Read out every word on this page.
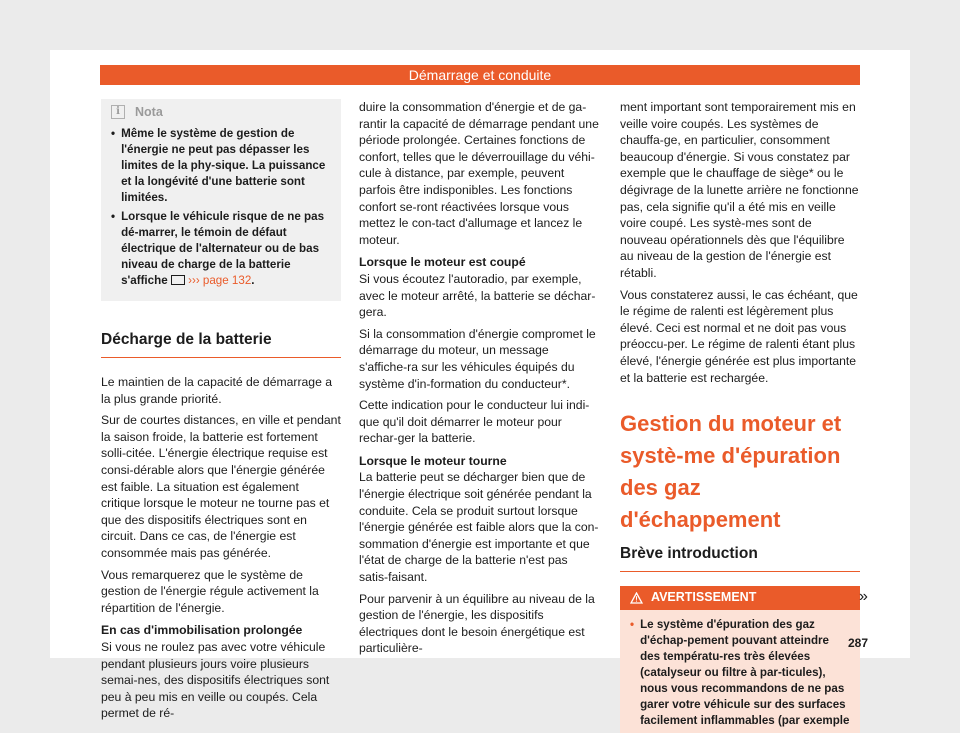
Démarrage et conduite
i	Nota
• Même le système de gestion de l'énergie ne peut pas dépasser les limites de la phy-sique. La puissance et la longévité d'une batterie sont limitées.
• Lorsque le véhicule risque de ne pas dé-marrer, le témoin de défaut électrique de l'alternateur ou de bas niveau de charge de la batterie s'affiche ››› page 132.
Décharge de la batterie

Le maintien de la capacité de démarrage a la plus grande priorité.

Sur de courtes distances, en ville et pendant la saison froide, la batterie est fortement solli-citée. L'énergie électrique requise est consi-dérable alors que l'énergie générée est faible. La situation est également critique lorsque le moteur ne tourne pas et que des dispositifs électriques sont en circuit. Dans ce cas, de l'énergie est consommée mais pas générée.

Vous remarquerez que le système de gestion de l'énergie régule activement la répartition de l'énergie.

En cas d'immobilisation prolongée

Si vous ne roulez pas avec votre véhicule pendant plusieurs jours voire plusieurs semai-nes, des dispositifs électriques sont peu à peu mis en veille ou coupés. Cela permet de ré-

duire la consommation d'énergie et de ga-rantir la capacité de démarrage pendant une période prolongée. Certaines fonctions de confort, telles que le déverrouillage du véhi-cule à distance, par exemple, peuvent parfois être indisponibles. Les fonctions confort se-ront réactivées lorsque vous mettez le con-tact d'allumage et lancez le moteur.

Lorsque le moteur est coupé

Si vous écoutez l'autoradio, par exemple, avec le moteur arrêté, la batterie se déchar-gera.

Si la consommation d'énergie compromet le démarrage du moteur, un message s'affiche-ra sur les véhicules équipés du système d'in-formation du conducteur*.

Cette indication pour le conducteur lui indi-que qu'il doit démarrer le moteur pour rechar-ger la batterie.

Lorsque le moteur tourne

La batterie peut se décharger bien que de l'énergie électrique soit générée pendant la conduite. Cela se produit surtout lorsque l'énergie générée est faible alors que la con-sommation d'énergie est importante et que l'état de charge de la batterie n'est pas satis-faisant.

Pour parvenir à un équilibre au niveau de la gestion de l'énergie, les dispositifs électriques dont le besoin énergétique est particulière-

ment important sont temporairement mis en veille voire coupés. Les systèmes de chauffa-ge, en particulier, consomment beaucoup d'énergie. Si vous constatez par exemple que le chauffage de siège* ou le dégivrage de la lunette arrière ne fonctionne pas, cela signifie qu'il a été mis en veille voire coupé. Les systè-mes sont de nouveau opérationnels dès que l'équilibre au niveau de la gestion de l'énergie est rétabli.

Vous constaterez aussi, le cas échéant, que le régime de ralenti est légèrement plus élevé. Ceci est normal et ne doit pas vous préoccu-per. Le régime de ralenti étant plus élevé, l'énergie générée est plus importante et la batterie est rechargée.

Gestion du moteur et systè-me d'épuration des gaz d'échappement
Brève introduction
AVERTISSEMENT
• Le système d'épuration des gaz d'échap-pement pouvant atteindre des températu-res très élevées (catalyseur ou filtre à par-ticules), nous vous recommandons de ne pas garer votre véhicule sur des surfaces facilement inflammables (par exemple
»
287
